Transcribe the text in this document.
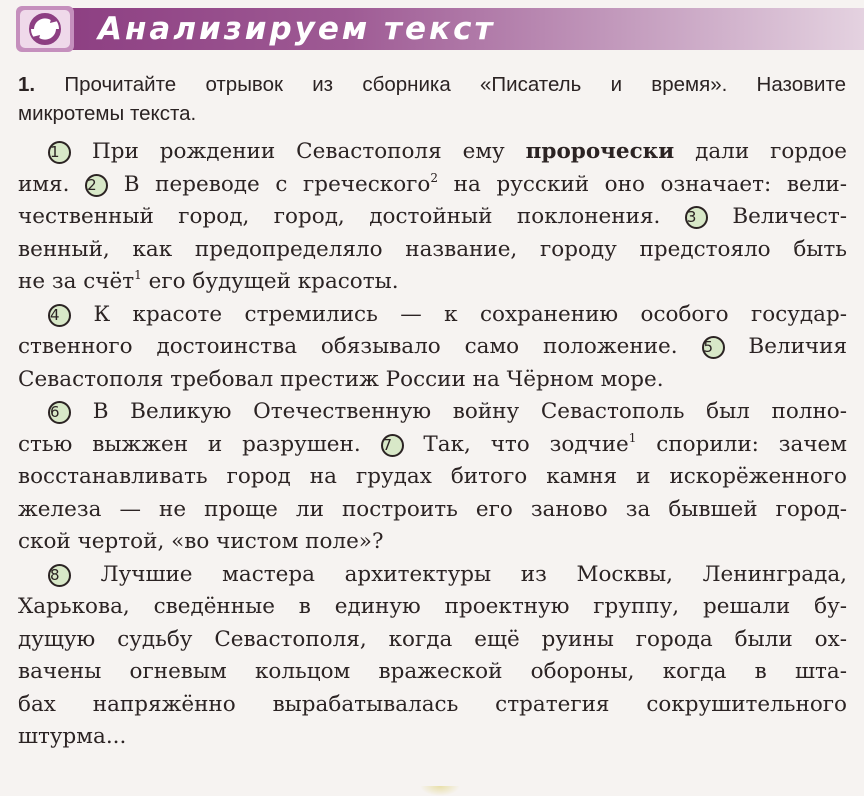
Анализируем текст
1. Прочитайте отрывок из сборника «Писатель и время». Назовите
микротемы текста.
1 При рождении Севастополя ему пророчески дали гордое
имя. 2 В переводе с греческого$^2$ на русский оно означает: вели-
чественный город, город, достойный поклонения. 3 Величест-
венный, как предопределяло название, городу предстояло быть
не за счёт$^1$ его будущей красоты.
4 К красоте стремились — к сохранению особого государ-
ственного достоинства обязывало само положение. 5 Величия
Севастополя требовал престиж России на Чёрном море.
6 В Великую Отечественную войну Севастополь был полно-
стью выжжен и разрушен. 7 Так, что зодчие$^1$ спорили: зачем
восстанавливать город на грудах битого камня и искорёженного
железа — не проще ли построить его заново за бывшей город-
ской чертой, «во чистом поле»?
8 Лучшие мастера архитектуры из Москвы, Ленинграда,
Харькова, сведённые в единую проектную группу, решали бу-
дущую судьбу Севастополя, когда ещё руины города были ох-
вачены огневым кольцом вражеской обороны, когда в шта-
бах напряжённо вырабатывалась стратегия сокрушительного
штурма...
